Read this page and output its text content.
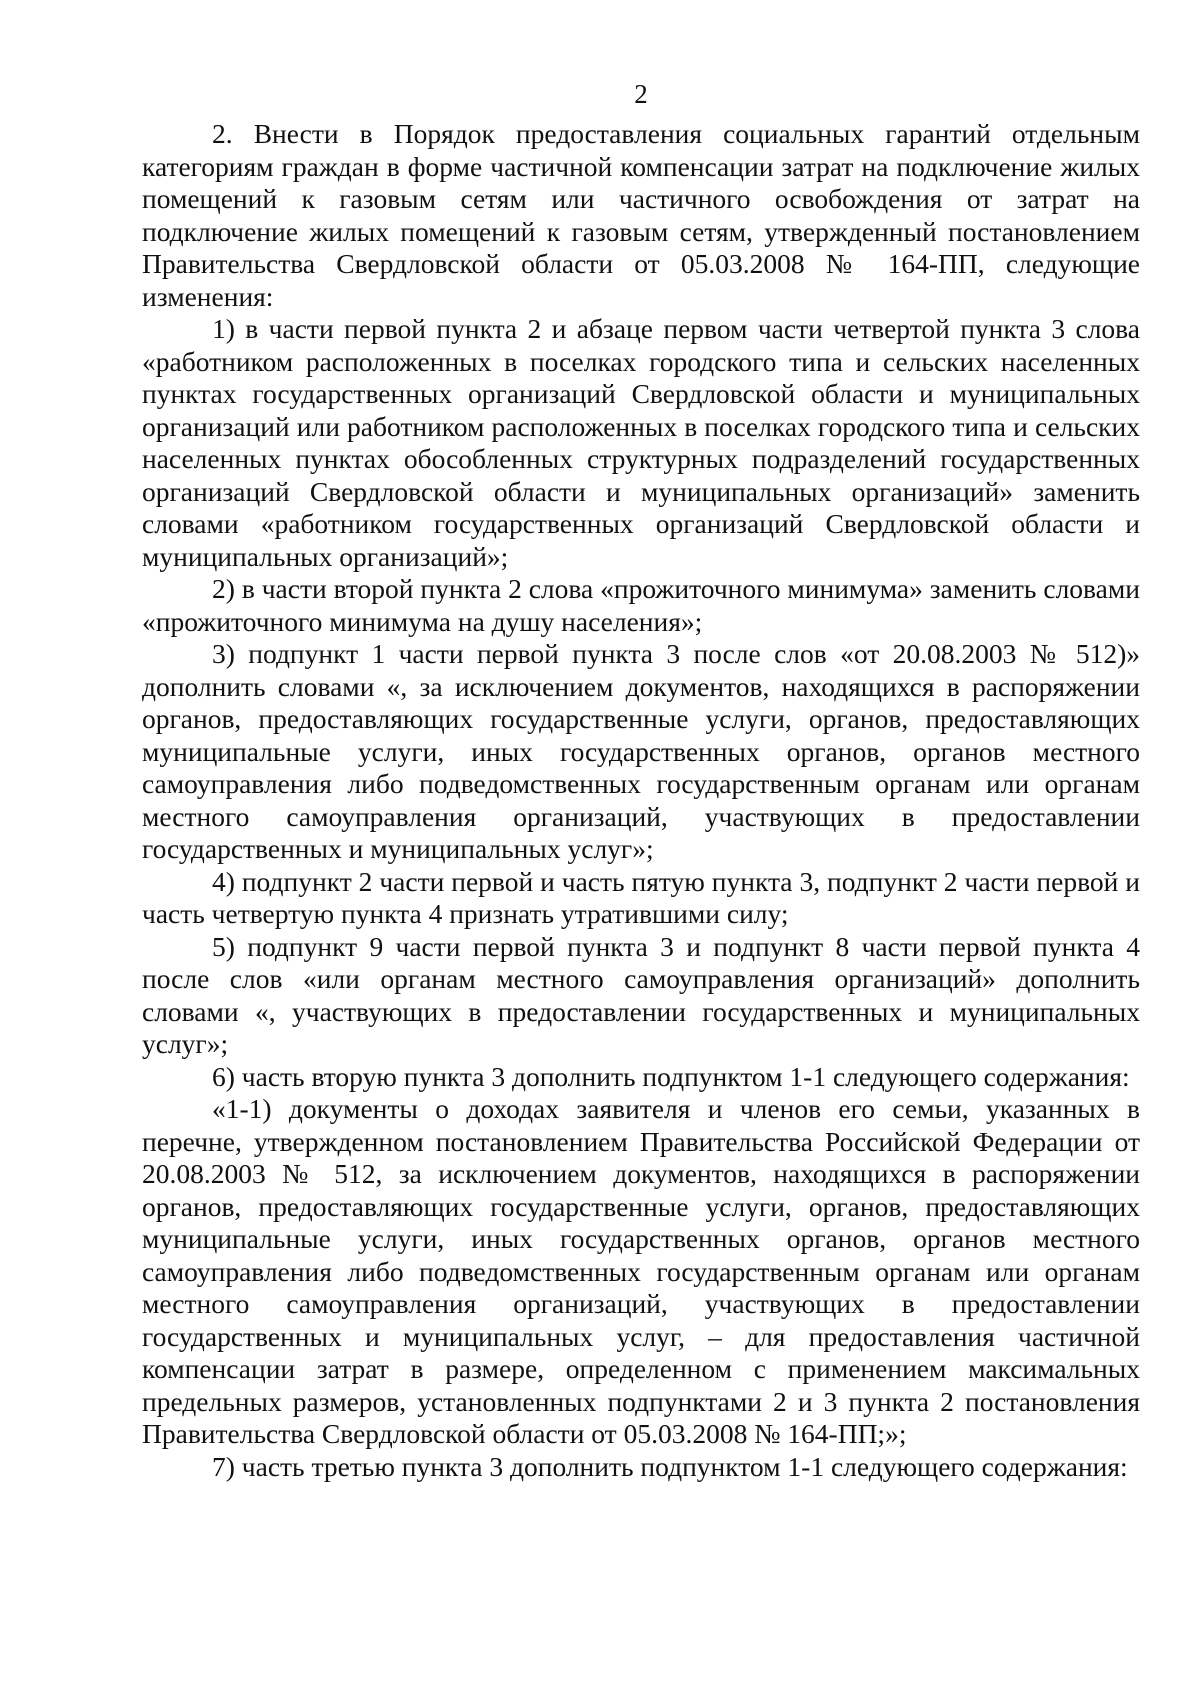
2

2. Внести в Порядок предоставления социальных гарантий отдельным категориям граждан в форме частичной компенсации затрат на подключение жилых помещений к газовым сетям или частичного освобождения от затрат на подключение жилых помещений к газовым сетям, утвержденный постановлением Правительства Свердловской области от 05.03.2008 № 164-ПП, следующие изменения:

1) в части первой пункта 2 и абзаце первом части четвертой пункта 3 слова «работником расположенных в поселках городского типа и сельских населенных пунктах государственных организаций Свердловской области и муниципальных организаций или работником расположенных в поселках городского типа и сельских населенных пунктах обособленных структурных подразделений государственных организаций Свердловской области и муниципальных организаций» заменить словами «работником государственных организаций Свердловской области и муниципальных организаций»;

2) в части второй пункта 2 слова «прожиточного минимума» заменить словами «прожиточного минимума на душу населения»;

3) подпункт 1 части первой пункта 3 после слов «от 20.08.2003 № 512)» дополнить словами «, за исключением документов, находящихся в распоряжении органов, предоставляющих государственные услуги, органов, предоставляющих муниципальные услуги, иных государственных органов, органов местного самоуправления либо подведомственных государственным органам или органам местного самоуправления организаций, участвующих в предоставлении государственных и муниципальных услуг»;

4) подпункт 2 части первой и часть пятую пункта 3, подпункт 2 части первой и часть четвертую пункта 4 признать утратившими силу;

5) подпункт 9 части первой пункта 3 и подпункт 8 части первой пункта 4 после слов «или органам местного самоуправления организаций» дополнить словами «, участвующих в предоставлении государственных и муниципальных услуг»;

6) часть вторую пункта 3 дополнить подпунктом 1-1 следующего содержания:

«1-1) документы о доходах заявителя и членов его семьи, указанных в перечне, утвержденном постановлением Правительства Российской Федерации от 20.08.2003 № 512, за исключением документов, находящихся в распоряжении органов, предоставляющих государственные услуги, органов, предоставляющих муниципальные услуги, иных государственных органов, органов местного самоуправления либо подведомственных государственным органам или органам местного самоуправления организаций, участвующих в предоставлении государственных и муниципальных услуг, – для предоставления частичной компенсации затрат в размере, определенном с применением максимальных предельных размеров, установленных подпунктами 2 и 3 пункта 2 постановления Правительства Свердловской области от 05.03.2008 № 164-ПП;»;

7) часть третью пункта 3 дополнить подпунктом 1-1 следующего содержания:
